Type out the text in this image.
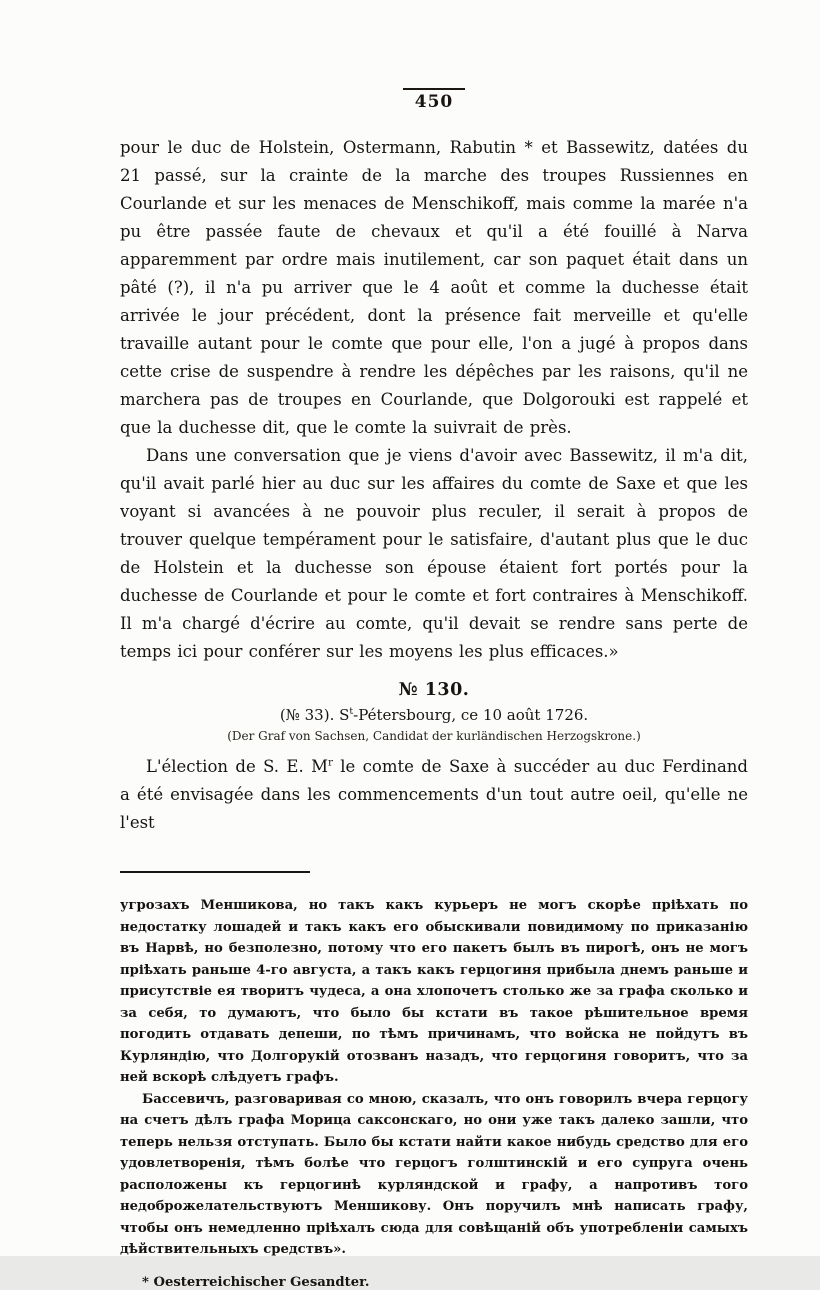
450

pour le duc de Holstein, Ostermann, Rabutin * et Bassewitz, datées du 21 passé, sur la crainte de la marche des troupes Russiennes en Courlande et sur les menaces de Menschikoff, mais comme la marée n'a pu être passée faute de chevaux et qu'il a été fouillé à Narva apparemment par ordre mais inutilement, car son paquet était dans un pâté (?), il n'a pu arriver que le 4 août et comme la duchesse était arrivée le jour précédent, dont la présence fait merveille et qu'elle travaille autant pour le comte que pour elle, l'on a jugé à propos dans cette crise de suspendre à rendre les dépêches par les raisons, qu'il ne marchera pas de troupes en Courlande, que Dolgorouki est rappelé et que la duchesse dit, que le comte la suivrait de près.

Dans une conversation que je viens d'avoir avec Bassewitz, il m'a dit, qu'il avait parlé hier au duc sur les affaires du comte de Saxe et que les voyant si avancées à ne pouvoir plus reculer, il serait à propos de trouver quelque tempérament pour le satisfaire, d'autant plus que le duc de Holstein et la duchesse son épouse étaient fort portés pour la duchesse de Courlande et pour le comte et fort contraires à Menschikoff. Il m'a chargé d'écrire au comte, qu'il devait se rendre sans perte de temps ici pour conférer sur les moyens les plus efficaces.»

№ 130.

(№ 33). $S^t$-Pétersbourg, ce 10 août 1726.

(Der Graf von Sachsen, Candidat der kurländischen Herzogskrone.)

L'élection de S. E. $M^r$ le comte de Saxe à succéder au duc Ferdinand a été envisagée dans les commencements d'un tout autre oeil, qu'elle ne l'est

угрозахъ Меншикова, но такъ какъ курьеръ не могъ скорѣе пріѣхать по недостатку лошадей и такъ какъ его обыскивали повидимому по приказанію въ Нарвѣ, но безполезно, потому что его пакетъ былъ въ пирогѣ, онъ не могъ пріѣхать раньше 4-го августа, а такъ какъ герцогиня прибыла днемъ раньше и присутствіе ея творитъ чудеса, а она хлопочетъ столько же за графа сколько и за себя, то думаютъ, что было бы кстати въ такое рѣшительное время погодить отдавать депеши, по тѣмъ причинамъ, что войска не пойдутъ въ Курляндію, что Долгорукій отозванъ назадъ, что герцогиня говоритъ, что за ней вскорѣ слѣдуетъ графъ.

Бассевичъ, разговаривая со мною, сказалъ, что онъ говорилъ вчера герцогу на счетъ дѣлъ графа Морица саксонскаго, но они уже такъ далеко зашли, что теперь нельзя отступать. Было бы кстати найти какое нибудь средство для его удовлетворенія, тѣмъ болѣе что герцогъ голштинскій и его супруга очень расположены къ герцогинѣ курляндской и графу, а напротивъ того недоброжелательствуютъ Меншикову. Онъ поручилъ мнѣ написать графу, чтобы онъ немедленно пріѣхалъ сюда для совѣщаній объ употребленіи самыхъ дѣйствительныхъ средствъ».

* Oesterreichischer Gesandter.
